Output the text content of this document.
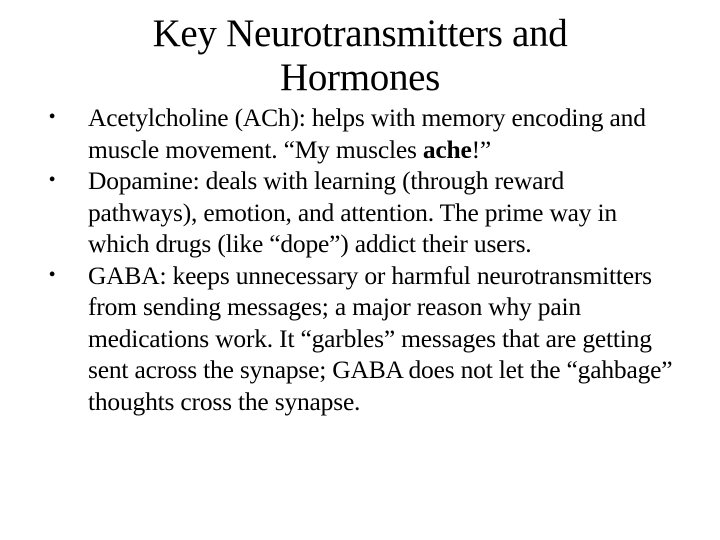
Key Neurotransmitters and
Hormones
• Acetylcholine (ACh): helps with memory encoding and muscle movement. “My muscles ache!”
• Dopamine: deals with learning (through reward pathways), emotion, and attention. The prime way in which drugs (like “dope”) addict their users.
• GABA: keeps unnecessary or harmful neurotransmitters from sending messages; a major reason why pain medications work. It “garbles” messages that are getting sent across the synapse; GABA does not let the “gahbage” thoughts cross the synapse.
